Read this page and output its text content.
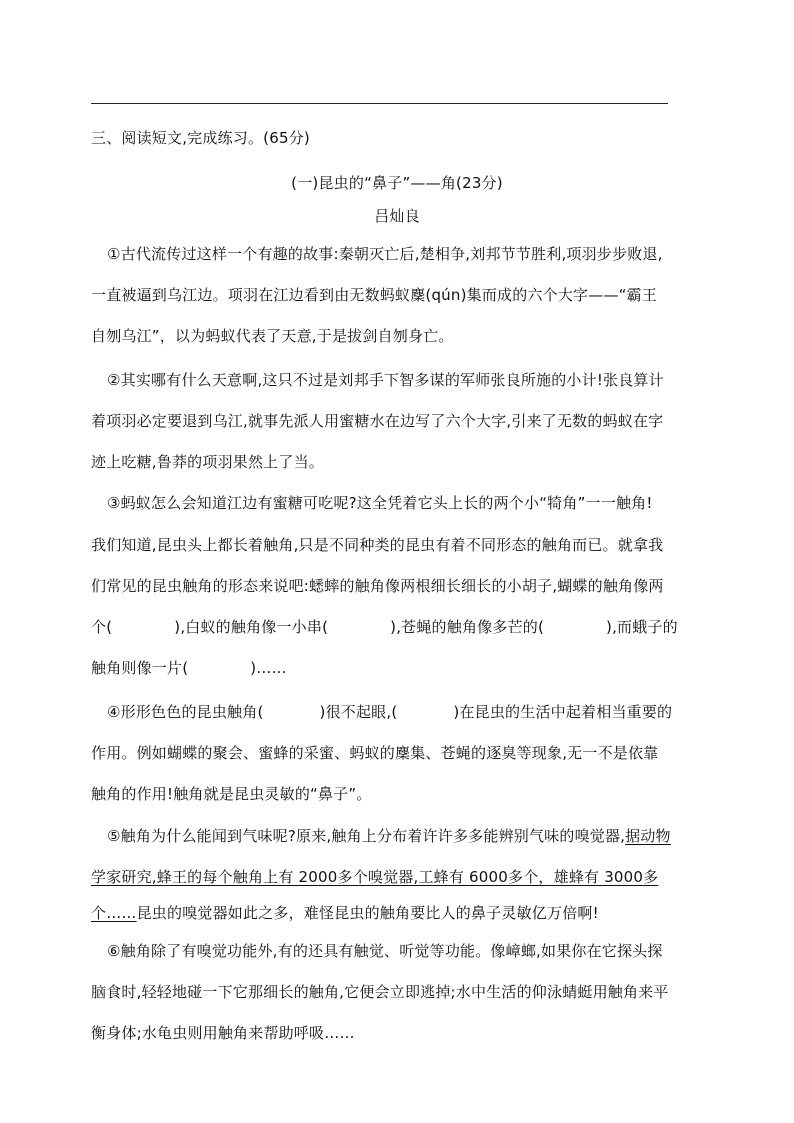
三、阅读短文,完成练习。(65分)
(一)昆虫的“鼻子”——角(23分)
吕灿良
①古代流传过这样一个有趣的故事:秦朝灭亡后,楚相争,刘邦节节胜利,项羽步步败退,
一直被逼到乌江边。项羽在江边看到由无数蚂蚁麇(qún)集而成的六个大字——“霸王
自刎乌江”，以为蚂蚁代表了天意,于是拔剑自刎身亡。
②其实哪有什么天意啊,这只不过是刘邦手下智多谋的军师张良所施的小计!张良算计
着项羽必定要退到乌江,就事先派人用蜜糖水在边写了六个大字,引来了无数的蚂蚁在字
迹上吃糖,鲁莽的项羽果然上了当。
③蚂蚁怎么会知道江边有蜜糖可吃呢?这全凭着它头上长的两个小“犄角”一一触角!
我们知道,昆虫头上都长着触角,只是不同种类的昆虫有着不同形态的触角而已。就拿我
们常见的昆虫触角的形态来说吧:蟋蟀的触角像两根细长细长的小胡子,蝴蝶的触角像两
个(	),白蚁的触角像一小串(	),苍蝇的触角像多芒的(	),而蛾子的
触角则像一片(	)……
④形形色色的昆虫触角(	)很不起眼,(	)在昆虫的生活中起着相当重要的
作用。例如蝴蝶的聚会、蜜蜂的采蜜、蚂蚁的麇集、苍蝇的逐臭等现象,无一不是依靠
触角的作用!触角就是昆虫灵敏的“鼻子”。
⑤触角为什么能闻到气味呢?原来,触角上分布着许许多多能辨别气味的嗅觉器,据动物
学家研究,蜂王的每个触角上有 2000多个嗅觉器,工蜂有 6000多个，雄蜂有 3000多
个……昆虫的嗅觉器如此之多，难怪昆虫的触角要比人的鼻子灵敏亿万倍啊!
⑥触角除了有嗅觉功能外,有的还具有触觉、听觉等功能。像嶂螂,如果你在它探头探
脑食时,轻轻地碰一下它那细长的触角,它便会立即逃掉;水中生活的仰泳蜻蜓用触角来平
衡身体;水龟虫则用触角来帮助呼吸……
